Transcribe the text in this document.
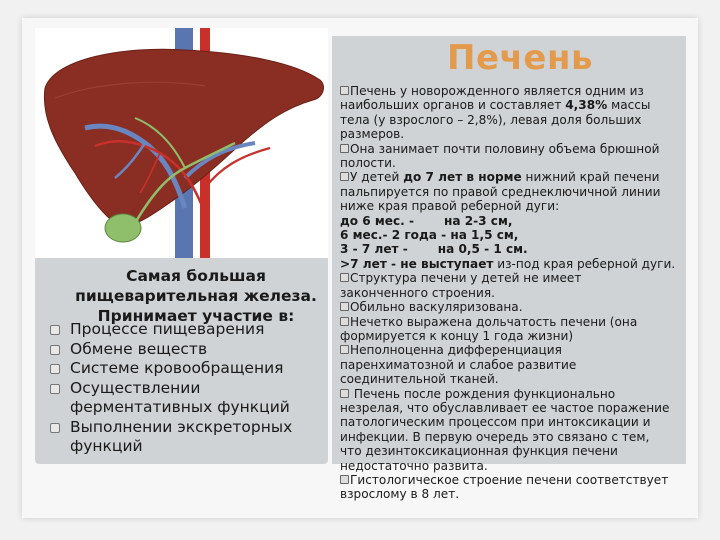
Печень
Самая большая
пищеварительная железа.
Принимает участие в:
Процессе пищеварения
Обмене веществ
Системе кровообращения
Осуществлении
ферментативных функций
Выполнении экскреторных
функций
Печень у новорожденного является одним из
наибольших органов и составляет 4,38% массы
тела (у взрослого – 2,8%), левая доля больших
размеров.
Она занимает почти половину объема брюшной
полости.
У детей до 7 лет в норме нижний край печени
пальпируется по правой среднеключичной линии
ниже края правой реберной дуги:
до 6 мес. - на 2-3 см,
6 мес.- 2 года - на 1,5 см,
3 - 7 лет - на 0,5 - 1 см.
>7 лет - не выступает из-под края реберной дуги.
Структура печени у детей не имеет
законченного строения.
Обильно васкуляризована.
Нечетко выражена дольчатость печени (она
формируется к концу 1 года жизни)
Неполноценна дифференциация
паренхиматозной и слабое развитие
соединительной тканей.
Печень после рождения функционально
незрелая, что обуславливает ее частое поражение
патологическим процессом при интоксикации и
инфекции. В первую очередь это связано с тем,
что дезинтоксикационная функция печени
недостаточно развита.
Гистологическое строение печени соответствует
взрослому в 8 лет.
